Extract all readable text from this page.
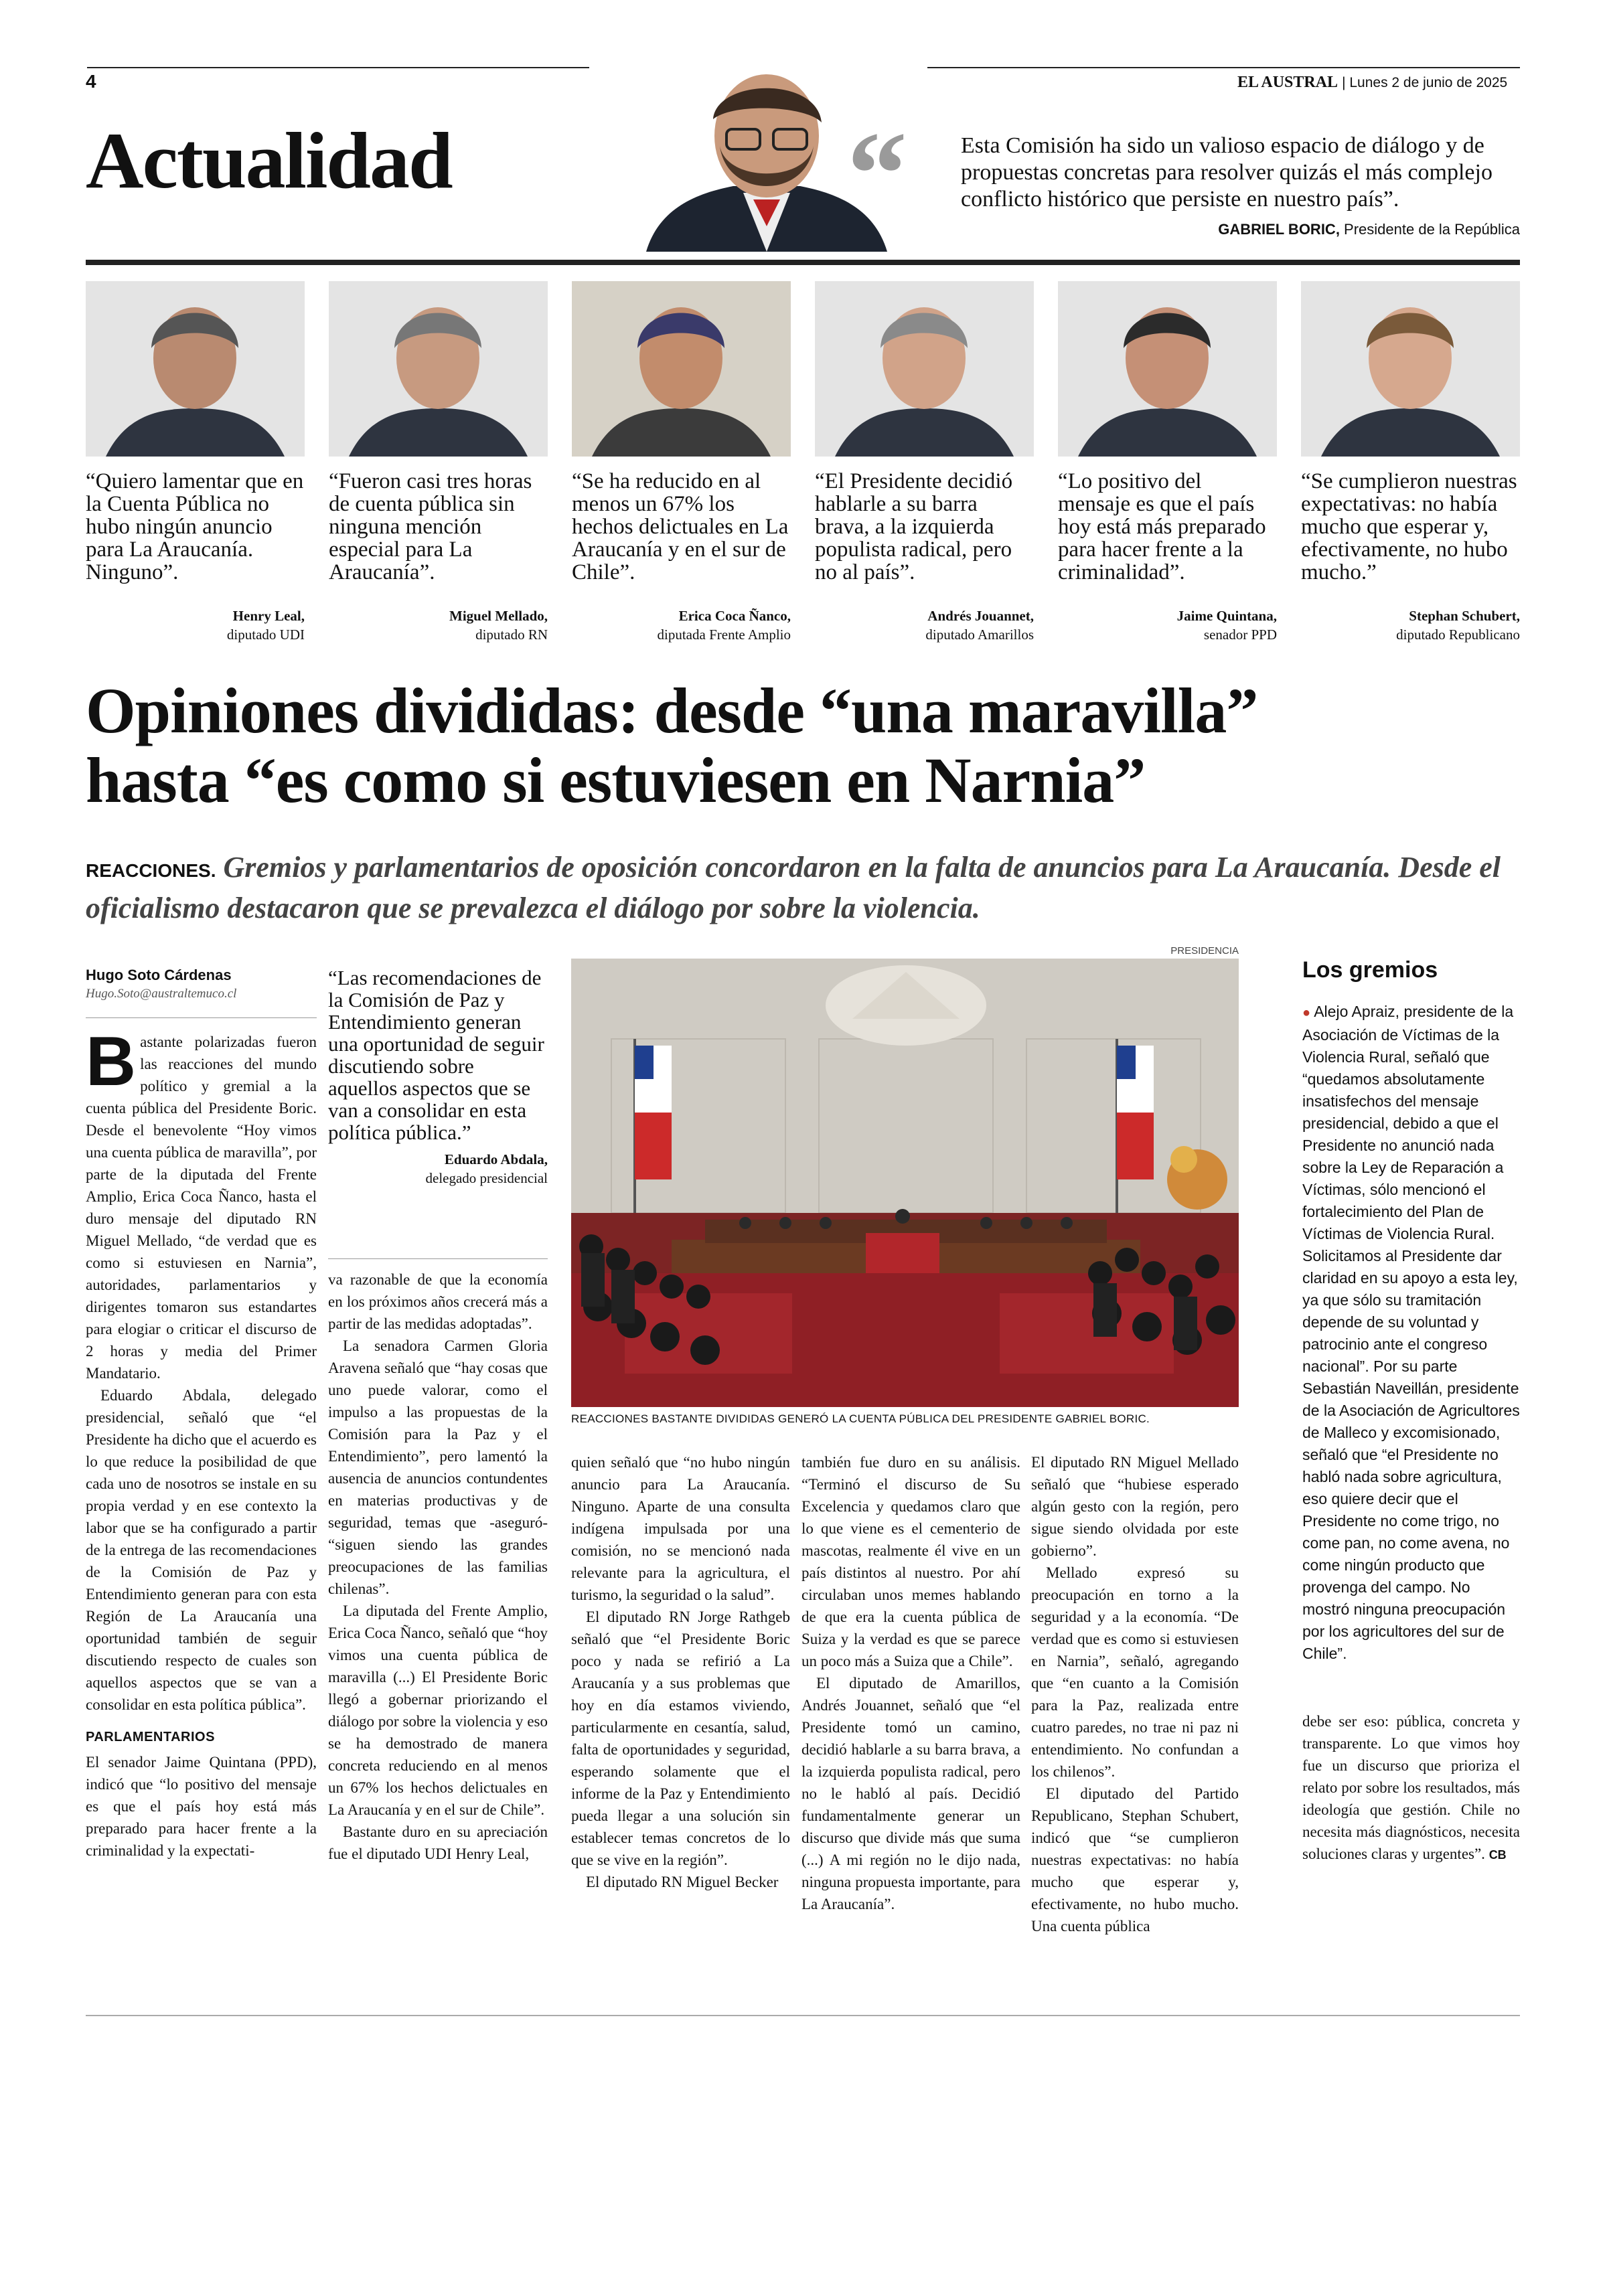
4	EL AUSTRAL | Lunes 2 de junio de 2025
Actualidad	“ Esta Comisión ha sido un valioso espacio de diálogo y de propuestas concretas para resolver quizás el más complejo conflicto histórico que persiste en nuestro país”.
GABRIEL BORIC, Presidente de la República
“Quiero lamentar que en la Cuenta Pública no hubo ningún anuncio para La Araucanía. Ninguno”.
Henry Leal,
diputado UDI
“Fueron casi tres horas de cuenta pública sin ninguna mención especial para La Araucanía”.
Miguel Mellado,
diputado RN
“Se ha reducido en al menos un 67% los hechos delictuales en La Araucanía y en el sur de Chile”.
Erica Coca Ñanco,
diputada Frente Amplio
“El Presidente decidió hablarle a su barra brava, a la izquierda populista radical, pero no al país”.
Andrés Jouannet,
diputado Amarillos
“Lo positivo del mensaje es que el país hoy está más preparado para hacer frente a la criminalidad”.
Jaime Quintana,
senador PPD
“Se cumplieron nuestras expectativas: no había mucho que esperar y, efectivamente, no hubo mucho.”
Stephan Schubert,
diputado Republicano
Opiniones divididas: desde “una maravilla”
hasta “es como si estuviesen en Narnia”
REACCIONES. Gremios y parlamentarios de oposición concordaron en la falta de anuncios para La Araucanía. Desde el oficialismo destacaron que se prevalezca el diálogo por sobre la violencia.
Hugo Soto Cárdenas
Hugo.Soto@australtemuco.cl

Bastante polarizadas fueron las reacciones del mundo político y gremial a la cuenta pública del Presidente Boric. Desde el benevolente “Hoy vimos una cuenta pública de maravilla”, por parte de la diputada del Frente Amplio, Erica Coca Ñanco, hasta el duro mensaje del diputado RN Miguel Mellado, “de verdad que es como si estuviesen en Narnia”, autoridades, parlamentarios y dirigentes tomaron sus estandartes para elogiar o criticar el discurso de 2 horas y media del Primer Mandatario.

Eduardo Abdala, delegado presidencial, señaló que “el Presidente ha dicho que el acuerdo es lo que reduce la posibilidad de que cada uno de nosotros se instale en su propia verdad y en ese contexto la labor que se ha configurado a partir de la entrega de las recomendaciones de la Comisión de Paz y Entendimiento generan para con esta Región de La Araucanía una oportunidad también de seguir discutiendo respecto de cuales son aquellos aspectos que se van a consolidar en esta política pública”.

PARLAMENTARIOS

El senador Jaime Quintana (PPD), indicó que “lo positivo del mensaje es que el país hoy está más preparado para hacer frente a la criminalidad y la expectati-

“Las recomendaciones de la Comisión de Paz y Entendimiento generan una oportunidad de seguir discutiendo sobre aquellos aspectos que se van a consolidar en esta política pública.”
Eduardo Abdala,
delegado presidencial

va razonable de que la economía en los próximos años crecerá más a partir de las medidas adoptadas”.

La senadora Carmen Gloria Aravena señaló que “hay cosas que uno puede valorar, como el impulso a las propuestas de la Comisión para la Paz y el Entendimiento”, pero lamentó la ausencia de anuncios contundentes en materias productivas y de seguridad, temas que -aseguró- “siguen siendo las grandes preocupaciones de las familias chilenas”.

La diputada del Frente Amplio, Erica Coca Ñanco, señaló que “hoy vimos una cuenta pública de maravilla (...) El Presidente Boric llegó a gobernar priorizando el diálogo por sobre la violencia y eso se ha demostrado de manera concreta reduciendo en al menos un 67% los hechos delictuales en La Araucanía y en el sur de Chile”.

Bastante duro en su apreciación fue el diputado UDI Henry Leal,

PRESIDENCIA
REACCIONES BASTANTE DIVIDIDAS GENERÓ LA CUENTA PÚBLICA DEL PRESIDENTE GABRIEL BORIC.

quien señaló que “no hubo ningún anuncio para La Araucanía. Ninguno. Aparte de una consulta indígena impulsada por una comisión, no se mencionó nada relevante para la agricultura, el turismo, la seguridad o la salud”.

El diputado RN Jorge Rathgeb señaló que “el Presidente Boric poco y nada se refirió a La Araucanía y a sus problemas que hoy en día estamos viviendo, particularmente en cesantía, salud, falta de oportunidades y seguridad, esperando solamente que el informe de la Paz y Entendimiento pueda llegar a una solución sin establecer temas concretos de lo que se vive en la región”.

El diputado RN Miguel Becker

también fue duro en su análisis. “Terminó el discurso de Su Excelencia y quedamos claro que lo que viene es el cementerio de mascotas, realmente él vive en un país distintos al nuestro. Por ahí circulaban unos memes hablando de que era la cuenta pública de Suiza y la verdad es que se parece un poco más a Suiza que a Chile”.

El diputado de Amarillos, Andrés Jouannet, señaló que “el Presidente tomó un camino, decidió hablarle a su barra brava, a la izquierda populista radical, pero no le habló al país. Decidió fundamentalmente generar un discurso que divide más que suma (...) A mi región no le dijo nada, ninguna propuesta importante, para La Araucanía”.

El diputado RN Miguel Mellado señaló que “hubiese esperado algún gesto con la región, pero sigue siendo olvidada por este gobierno”.

Mellado expresó su preocupación en torno a la seguridad y a la economía. “De verdad que es como si estuviesen en Narnia”, señaló, agregando que “en cuanto a la Comisión para la Paz, realizada entre cuatro paredes, no trae ni paz ni entendimiento. No confundan a los chilenos”.

El diputado del Partido Republicano, Stephan Schubert, indicó que “se cumplieron nuestras expectativas: no había mucho que esperar y, efectivamente, no hubo mucho. Una cuenta pública

Los gremios
● Alejo Apraiz, presidente de la Asociación de Víctimas de la Violencia Rural, señaló que “quedamos absolutamente insatisfechos del mensaje presidencial, debido a que el Presidente no anunció nada sobre la Ley de Reparación a Víctimas, sólo mencionó el fortalecimiento del Plan de Víctimas de Violencia Rural. Solicitamos al Presidente dar claridad en su apoyo a esta ley, ya que sólo su tramitación depende de su voluntad y patrocinio ante el congreso nacional”. Por su parte Sebastián Naveillán, presidente de la Asociación de Agricultores de Malleco y excomisionado, señaló que “el Presidente no habló nada sobre agricultura, eso quiere decir que el Presidente no come trigo, no come pan, no come avena, no come ningún producto que provenga del campo. No mostró ninguna preocupación por los agricultores del sur de Chile”.

debe ser eso: pública, concreta y transparente. Lo que vimos hoy fue un discurso que prioriza el relato por sobre los resultados, más ideología que gestión. Chile no necesita más diagnósticos, necesita soluciones claras y urgentes”. CB
